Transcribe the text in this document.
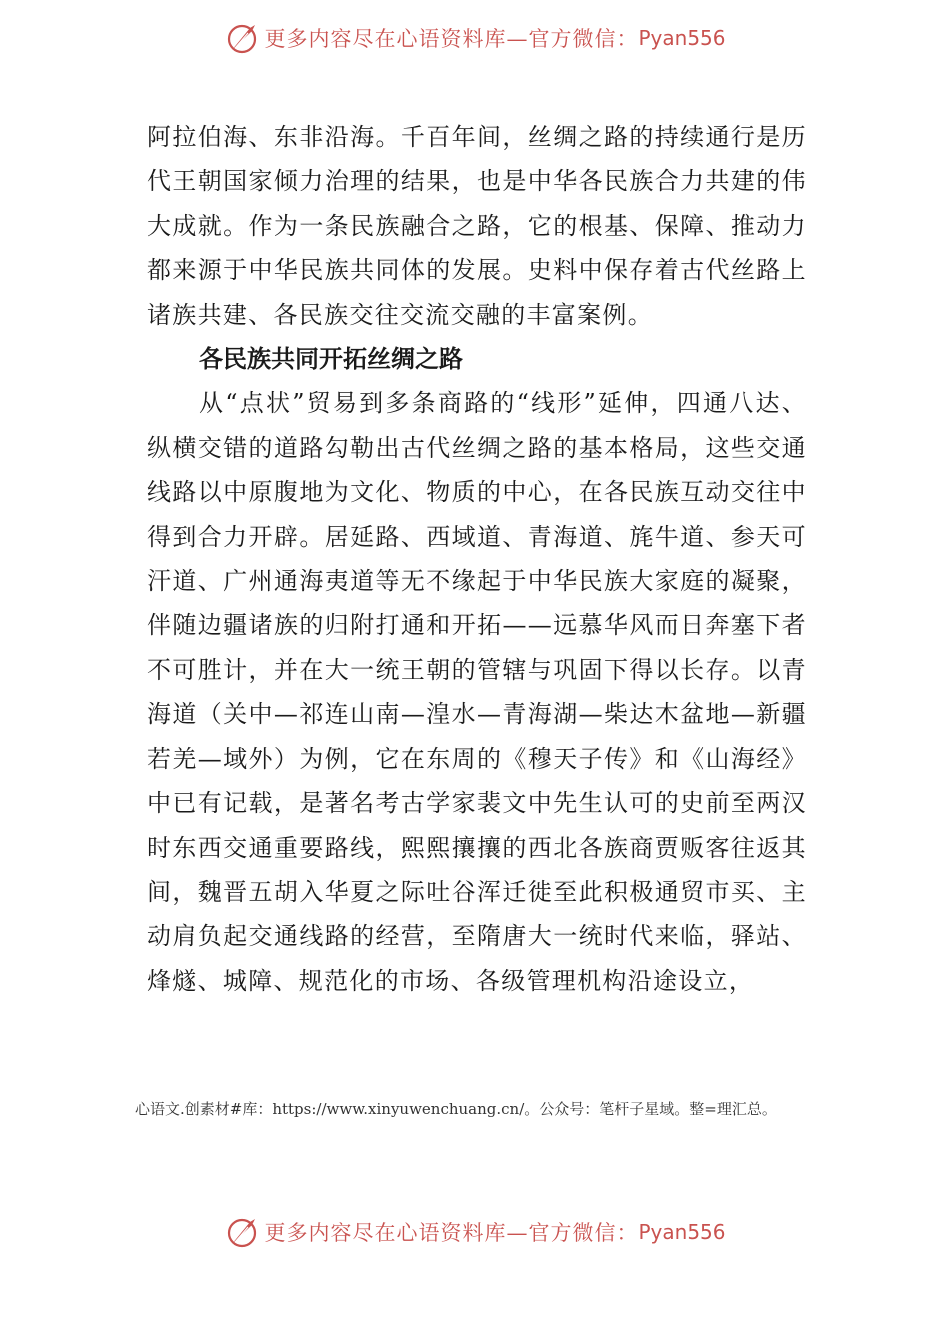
更多内容尽在心语资料库—官方微信： Pyan556

阿拉伯海、东非沿海。千百年间，丝绸之路的持续通行是历代王朝国家倾力治理的结果，也是中华各民族合力共建的伟大成就。作为一条民族融合之路，它的根基、保障、推动力都来源于中华民族共同体的发展。史料中保存着古代丝路上诸族共建、各民族交往交流交融的丰富案例。

各民族共同开拓丝绸之路

从“点状”贸易到多条商路的“线形”延伸，四通八达、纵横交错的道路勾勒出古代丝绸之路的基本格局，这些交通线路以中原腹地为文化、物质的中心，在各民族互动交往中得到合力开辟。居延路、西域道、青海道、旄牛道、参天可汗道、广州通海夷道等无不缘起于中华民族大家庭的凝聚，伴随边疆诸族的归附打通和开拓——远慕华风而日奔塞下者不可胜计，并在大一统王朝的管辖与巩固下得以长存。以青海道（关中—祁连山南—湟水—青海湖—柴达木盆地—新疆若羌—域外）为例，它在东周的《穆天子传》和《山海经》中已有记载，是著名考古学家裴文中先生认可的史前至两汉时东西交通重要路线，熙熙攘攘的西北各族商贾贩客往返其间，魏晋五胡入华夏之际吐谷浑迁徙至此积极通贸市买、主动肩负起交通线路的经营，至隋唐大一统时代来临，驿站、烽燧、城障、规范化的市场、各级管理机构沿途设立，

心语文.创素材#库：https://www.xinyuwenchuang.cn/。公众号：笔杆子星域。整=理汇总。
更多内容尽在心语资料库—官方微信： Pyan556
